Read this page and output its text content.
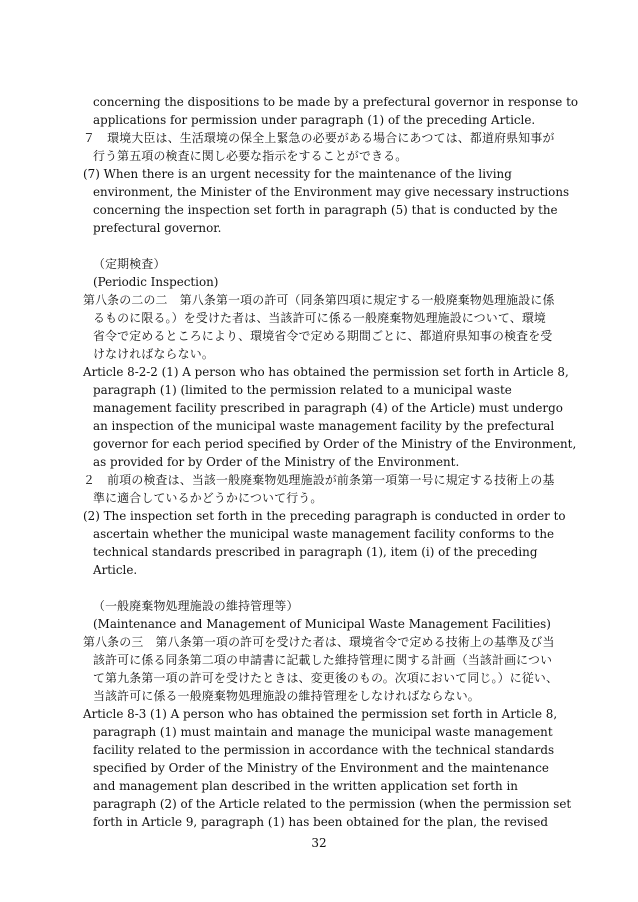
concerning the dispositions to be made by a prefectural governor in response to
applications for permission under paragraph (1) of the preceding Article.
７　環境大臣は、生活環境の保全上緊急の必要がある場合にあつては、都道府県知事が
行う第五項の検査に関し必要な指示をすることができる。
(7) When there is an urgent necessity for the maintenance of the living
environment, the Minister of the Environment may give necessary instructions
concerning the inspection set forth in paragraph (5) that is conducted by the
prefectural governor.
（定期検査）
(Periodic Inspection)
第八条の二の二　第八条第一項の許可（同条第四項に規定する一般廃棄物処理施設に係
るものに限る。）を受けた者は、当該許可に係る一般廃棄物処理施設について、環境
省令で定めるところにより、環境省令で定める期間ごとに、都道府県知事の検査を受
けなければならない。
Article 8-2-2 (1) A person who has obtained the permission set forth in Article 8,
paragraph (1) (limited to the permission related to a municipal waste
management facility prescribed in paragraph (4) of the Article) must undergo
an inspection of the municipal waste management facility by the prefectural
governor for each period specified by Order of the Ministry of the Environment,
as provided for by Order of the Ministry of the Environment.
２　前項の検査は、当該一般廃棄物処理施設が前条第一項第一号に規定する技術上の基
準に適合しているかどうかについて行う。
(2) The inspection set forth in the preceding paragraph is conducted in order to
ascertain whether the municipal waste management facility conforms to the
technical standards prescribed in paragraph (1), item (i) of the preceding
Article.
（一般廃棄物処理施設の維持管理等）
(Maintenance and Management of Municipal Waste Management Facilities)
第八条の三　第八条第一項の許可を受けた者は、環境省令で定める技術上の基準及び当
該許可に係る同条第二項の申請書に記載した維持管理に関する計画（当該計画につい
て第九条第一項の許可を受けたときは、変更後のもの。次項において同じ。）に従い、
当該許可に係る一般廃棄物処理施設の維持管理をしなければならない。
Article 8-3 (1) A person who has obtained the permission set forth in Article 8,
paragraph (1) must maintain and manage the municipal waste management
facility related to the permission in accordance with the technical standards
specified by Order of the Ministry of the Environment and the maintenance
and management plan described in the written application set forth in
paragraph (2) of the Article related to the permission (when the permission set
forth in Article 9, paragraph (1) has been obtained for the plan, the revised
32
